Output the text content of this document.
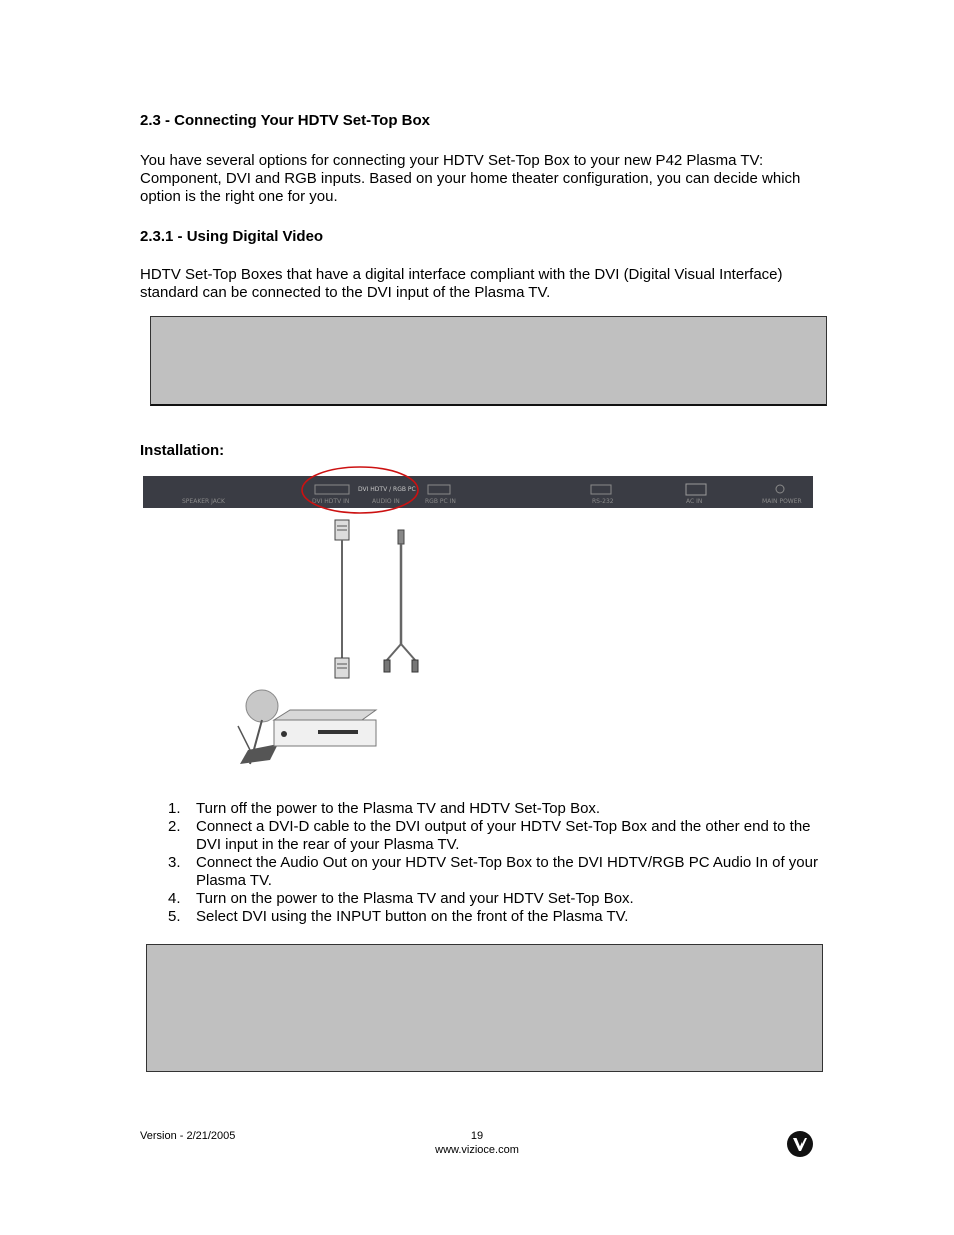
2.3 - Connecting Your HDTV Set-Top Box
You have several options for connecting your HDTV Set-Top Box to your new P42 Plasma TV: Component, DVI and RGB inputs. Based on your home theater configuration, you can decide which option is the right one for you.
2.3.1 - Using Digital Video
HDTV Set-Top Boxes that have a digital interface compliant with the DVI (Digital Visual Interface) standard can be connected to the DVI input of the Plasma TV.
Installation:
SPEAKER JACK
DVI HDTV / RGB PC
DVI HDTV IN	AUDIO IN	RGB PC IN	RS-232	AC IN	MAIN POWER
1. Turn off the power to the Plasma TV and HDTV Set-Top Box.
2. Connect a DVI-D cable to the DVI output of your HDTV Set-Top Box and the other end to the DVI input in the rear of your Plasma TV.
3. Connect the Audio Out on your HDTV Set-Top Box to the DVI HDTV/RGB PC Audio In of your Plasma TV.
4. Turn on the power to the Plasma TV and your HDTV Set-Top Box.
5. Select DVI using the INPUT button on the front of the Plasma TV.
Version - 2/21/2005	19
www.vizioce.com
